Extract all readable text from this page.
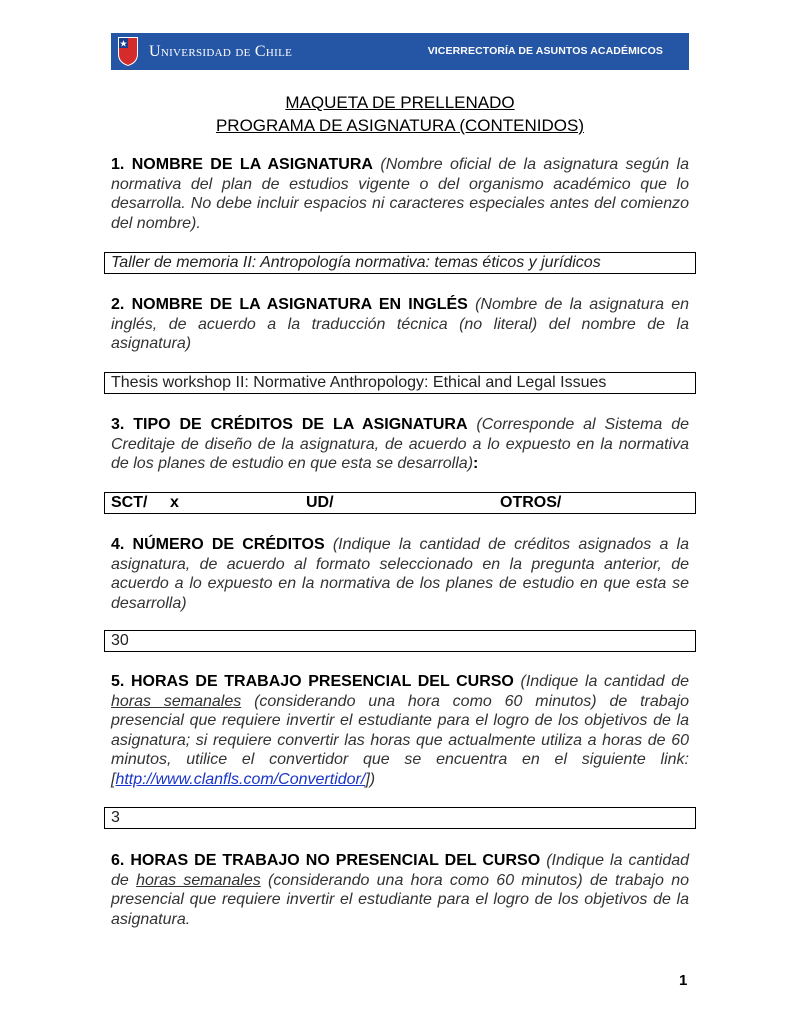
Universidad de Chile	VICERRECTORÍA DE ASUNTOS ACADÉMICOS
MAQUETA DE PRELLENADO
PROGRAMA DE ASIGNATURA (CONTENIDOS)
1. NOMBRE DE LA ASIGNATURA (Nombre oficial de la asignatura según la normativa del plan de estudios vigente o del organismo académico que lo desarrolla. No debe incluir espacios ni caracteres especiales antes del comienzo del nombre).
Taller de memoria II: Antropología normativa: temas éticos y jurídicos
2. NOMBRE DE LA ASIGNATURA EN INGLÉS (Nombre de la asignatura en inglés, de acuerdo a la traducción técnica (no literal) del nombre de la asignatura)
Thesis workshop II: Normative Anthropology: Ethical and Legal Issues
3. TIPO DE CRÉDITOS DE LA ASIGNATURA (Corresponde al Sistema de Creditaje de diseño de la asignatura, de acuerdo a lo expuesto en la normativa de los planes de estudio en que esta se desarrolla):
SCT/ x	UD/	OTROS/
4. NÚMERO DE CRÉDITOS (Indique la cantidad de créditos asignados a la asignatura, de acuerdo al formato seleccionado en la pregunta anterior, de acuerdo a lo expuesto en la normativa de los planes de estudio en que esta se desarrolla)
30
5. HORAS DE TRABAJO PRESENCIAL DEL CURSO (Indique la cantidad de horas semanales (considerando una hora como 60 minutos) de trabajo presencial que requiere invertir el estudiante para el logro de los objetivos de la asignatura; si requiere convertir las horas que actualmente utiliza a horas de 60 minutos, utilice el convertidor que se encuentra en el siguiente link: [http://www.clanfls.com/Convertidor/])
3
6. HORAS DE TRABAJO NO PRESENCIAL DEL CURSO (Indique la cantidad de horas semanales (considerando una hora como 60 minutos) de trabajo no presencial que requiere invertir el estudiante para el logro de los objetivos de la asignatura.
1
